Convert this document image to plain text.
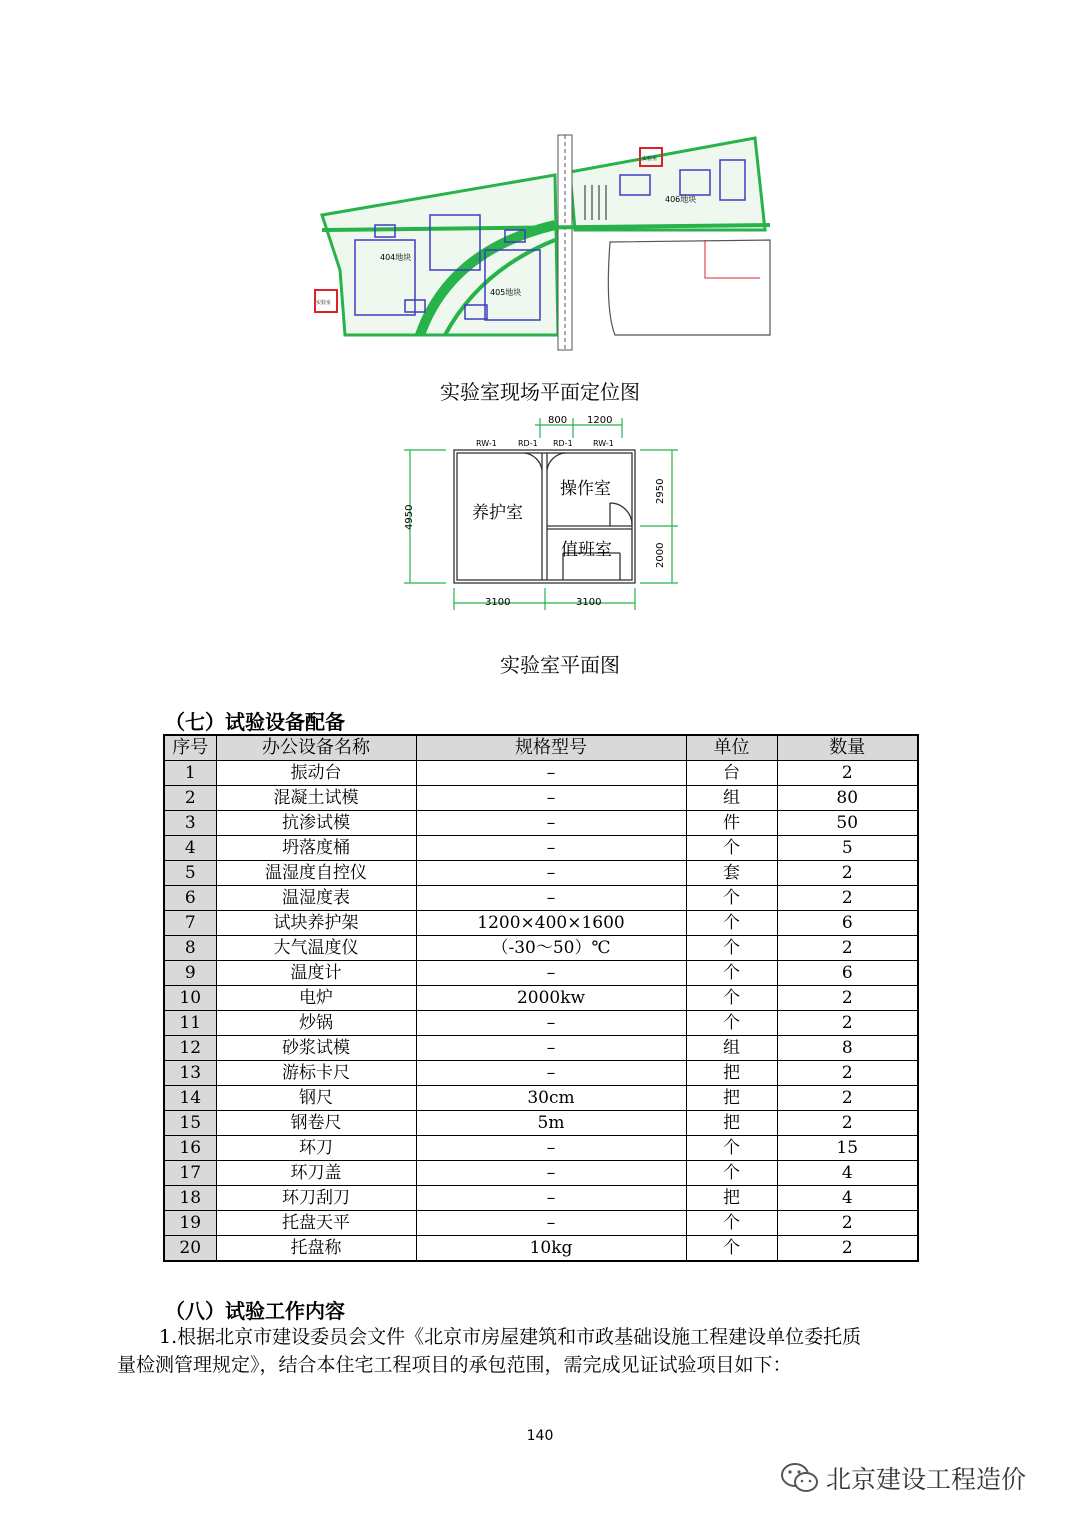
404地块
405地块
406地块
实验室
实验室
实验室现场平面定位图
RW-1	RD-1 RD-1	RW-1
800 1200
3100	3100
4950
2950
2000
养护室
操作室
值班室
实验室平面图
（七）试验设备配备
序号	办公设备名称	规格型号	单位	数量
1	振动台	–	台	2
2	混凝土试模	–	组	80
3	抗渗试模	–	件	50
4	坍落度桶	–	个	5
5	温湿度自控仪	–	套	2
6	温湿度表	–	个	2
7	试块养护架	1200×400×1600	个	6
8	大气温度仪	（-30～50）℃	个	2
9	温度计	–	个	6
10	电炉	2000kw	个	2
11	炒锅	–	个	2
12	砂浆试模	–	组	8
13	游标卡尺	–	把	2
14	钢尺	30cm	把	2
15	钢卷尺	5m	把	2
16	环刀	–	个	15
17	环刀盖	–	个	4
18	环刀刮刀	–	把	4
19	托盘天平	–	个	2
20	托盘称	10kg	个	2
（八）试验工作内容
1.根据北京市建设委员会文件《北京市房屋建筑和市政基础设施工程建设单位委托质
量检测管理规定》，结合本住宅工程项目的承包范围，需完成见证试验项目如下：
140
北京建设工程造价
